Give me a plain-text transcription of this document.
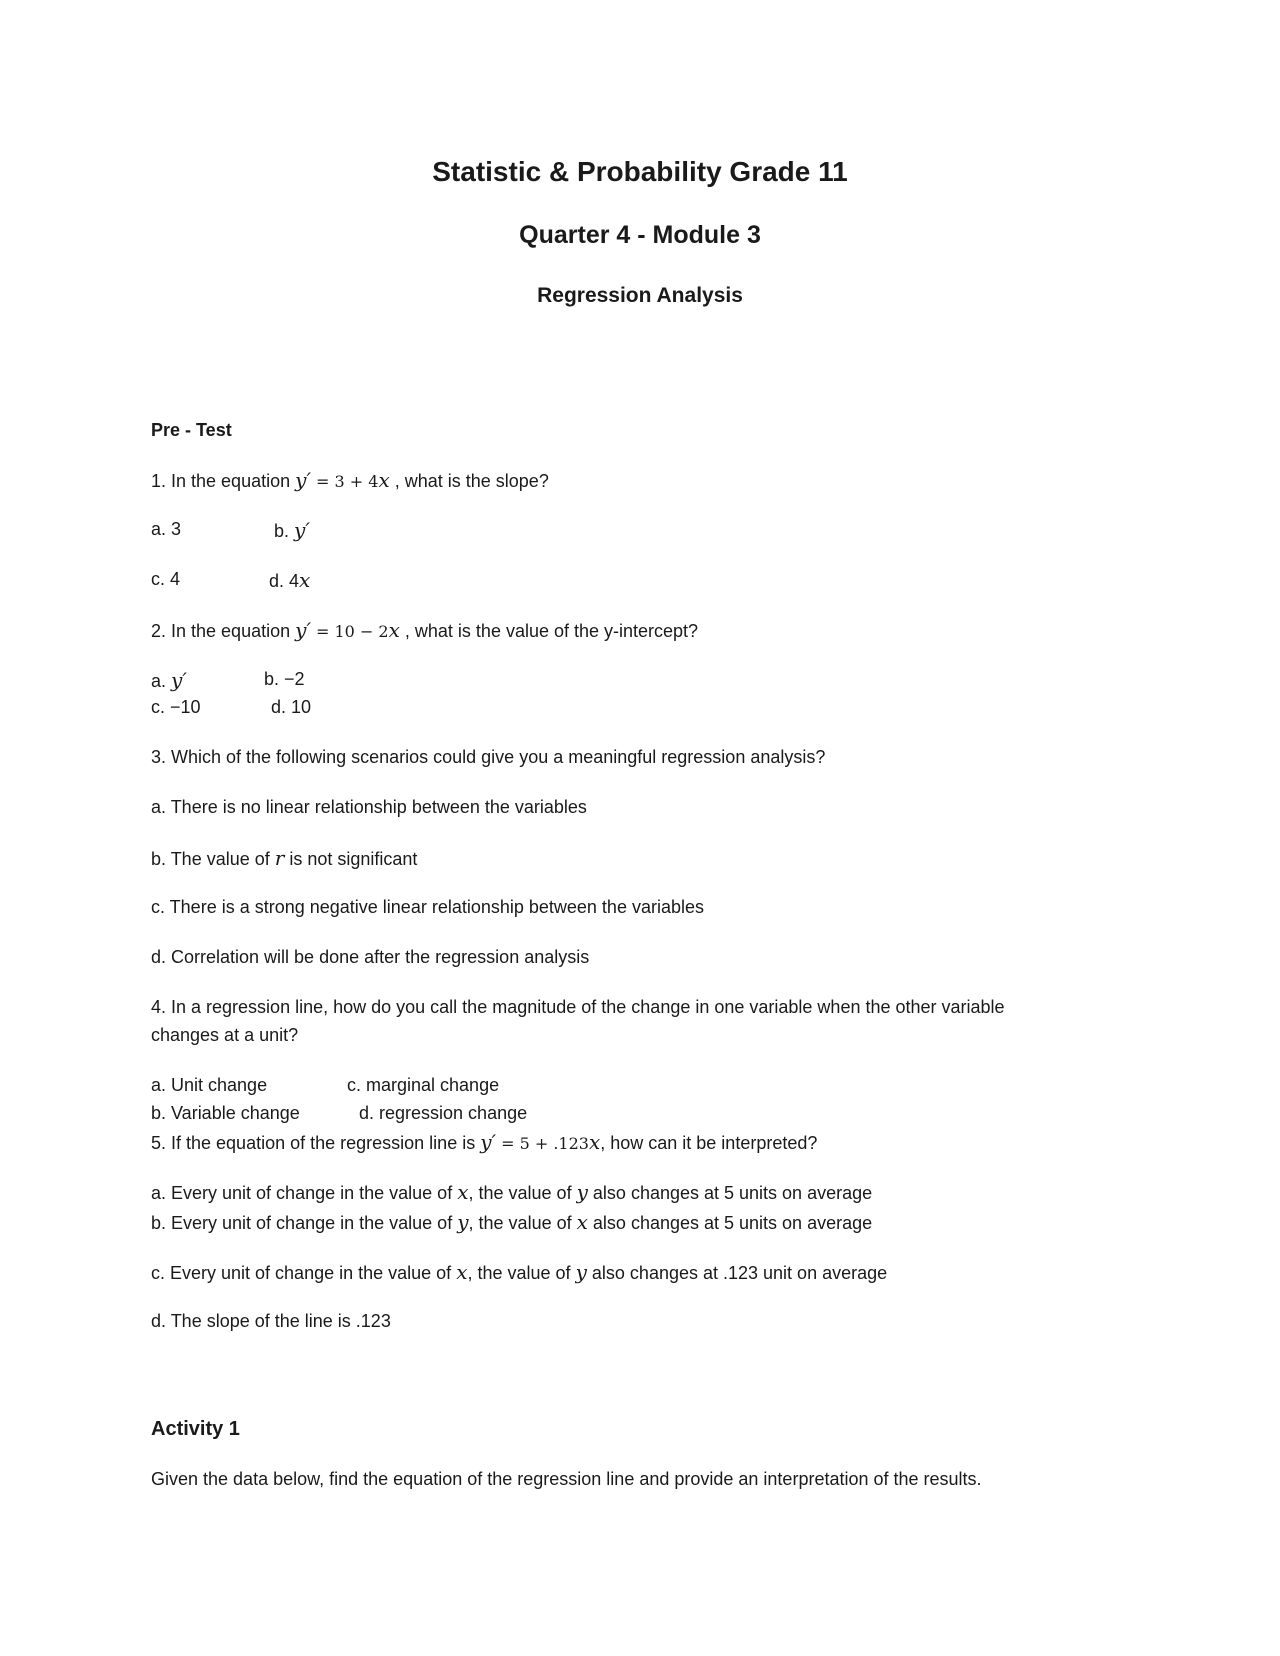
Statistic & Probability Grade 11
Quarter 4 - Module 3
Regression Analysis
Pre - Test
1. In the equation y′ = 3 + 4x , what is the slope?
a. 3	b. y′
c. 4	d. 4x
2. In the equation y′ = 10 − 2x , what is the value of the y-intercept?
a. y′	b. −2
c. −10	d. 10
3. Which of the following scenarios could give you a meaningful regression analysis?
a. There is no linear relationship between the variables
b. The value of r is not significant
c. There is a strong negative linear relationship between the variables
d. Correlation will be done after the regression analysis
4. In a regression line, how do you call the magnitude of the change in one variable when the other variable
changes at a unit?
a. Unit change	c. marginal change
b. Variable change	d. regression change
5. If the equation of the regression line is y′ = 5 + .123x, how can it be interpreted?
a. Every unit of change in the value of x, the value of y also changes at 5 units on average
b. Every unit of change in the value of y, the value of x also changes at 5 units on average
c. Every unit of change in the value of x, the value of y also changes at .123 unit on average
d. The slope of the line is .123
Activity 1
Given the data below, find the equation of the regression line and provide an interpretation of the results.
